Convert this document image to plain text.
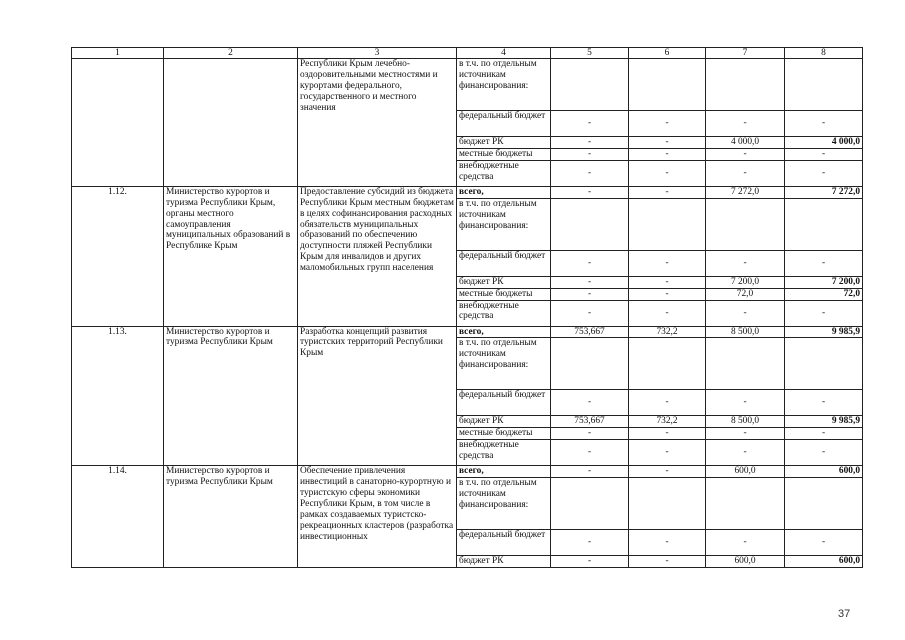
1	2	3	4	5	6	7	8
		Республики Крым лечебно-оздоровительными местностями и курортами федерального, государственного и местного значения	в т.ч. по отдельным источникам финансирования:				
			федеральный бюджет	-	-	-	-
			бюджет РК	-	-	4 000,0	4 000,0
			местные бюджеты	-	-	-	-
			внебюджетные средства	-	-	-	-
1.12.	Министерство курортов и туризма Республики Крым, органы местного самоуправления муниципальных образований в Республике Крым	Предоставление субсидий из бюджета Республики Крым местным бюджетам в целях софинансирования расходных обязательств муниципальных образований по обеспечению доступности пляжей Республики Крым для инвалидов и других маломобильных групп населения	всего,	-	-	7 272,0	7 272,0
			в т.ч. по отдельным источникам финансирования:				
			федеральный бюджет	-	-	-	-
			бюджет РК	-	-	7 200,0	7 200,0
			местные бюджеты	-	-	72,0	72,0
			внебюджетные средства	-	-	-	-
1.13.	Министерство курортов и туризма Республики Крым	Разработка концепций развития туристских территорий Республики Крым	всего,	753,667	732,2	8 500,0	9 985,9
			в т.ч. по отдельным источникам финансирования:				
			федеральный бюджет	-	-	-	-
			бюджет РК	753,667	732,2	8 500,0	9 985,9
			местные бюджеты	-	-	-	-
			внебюджетные средства	-	-	-	-
1.14.	Министерство курортов и туризма Республики Крым	Обеспечение привлечения инвестиций в санаторно-курортную и туристскую сферы экономики Республики Крым, в том числе в рамках создаваемых туристско-рекреационных кластеров (разработка инвестиционных	всего,	-	-	600,0	600,0
			в т.ч. по отдельным источникам финансирования:				
			федеральный бюджет	-	-	-	-
			бюджет РК	-	-	600,0	600,0
37
